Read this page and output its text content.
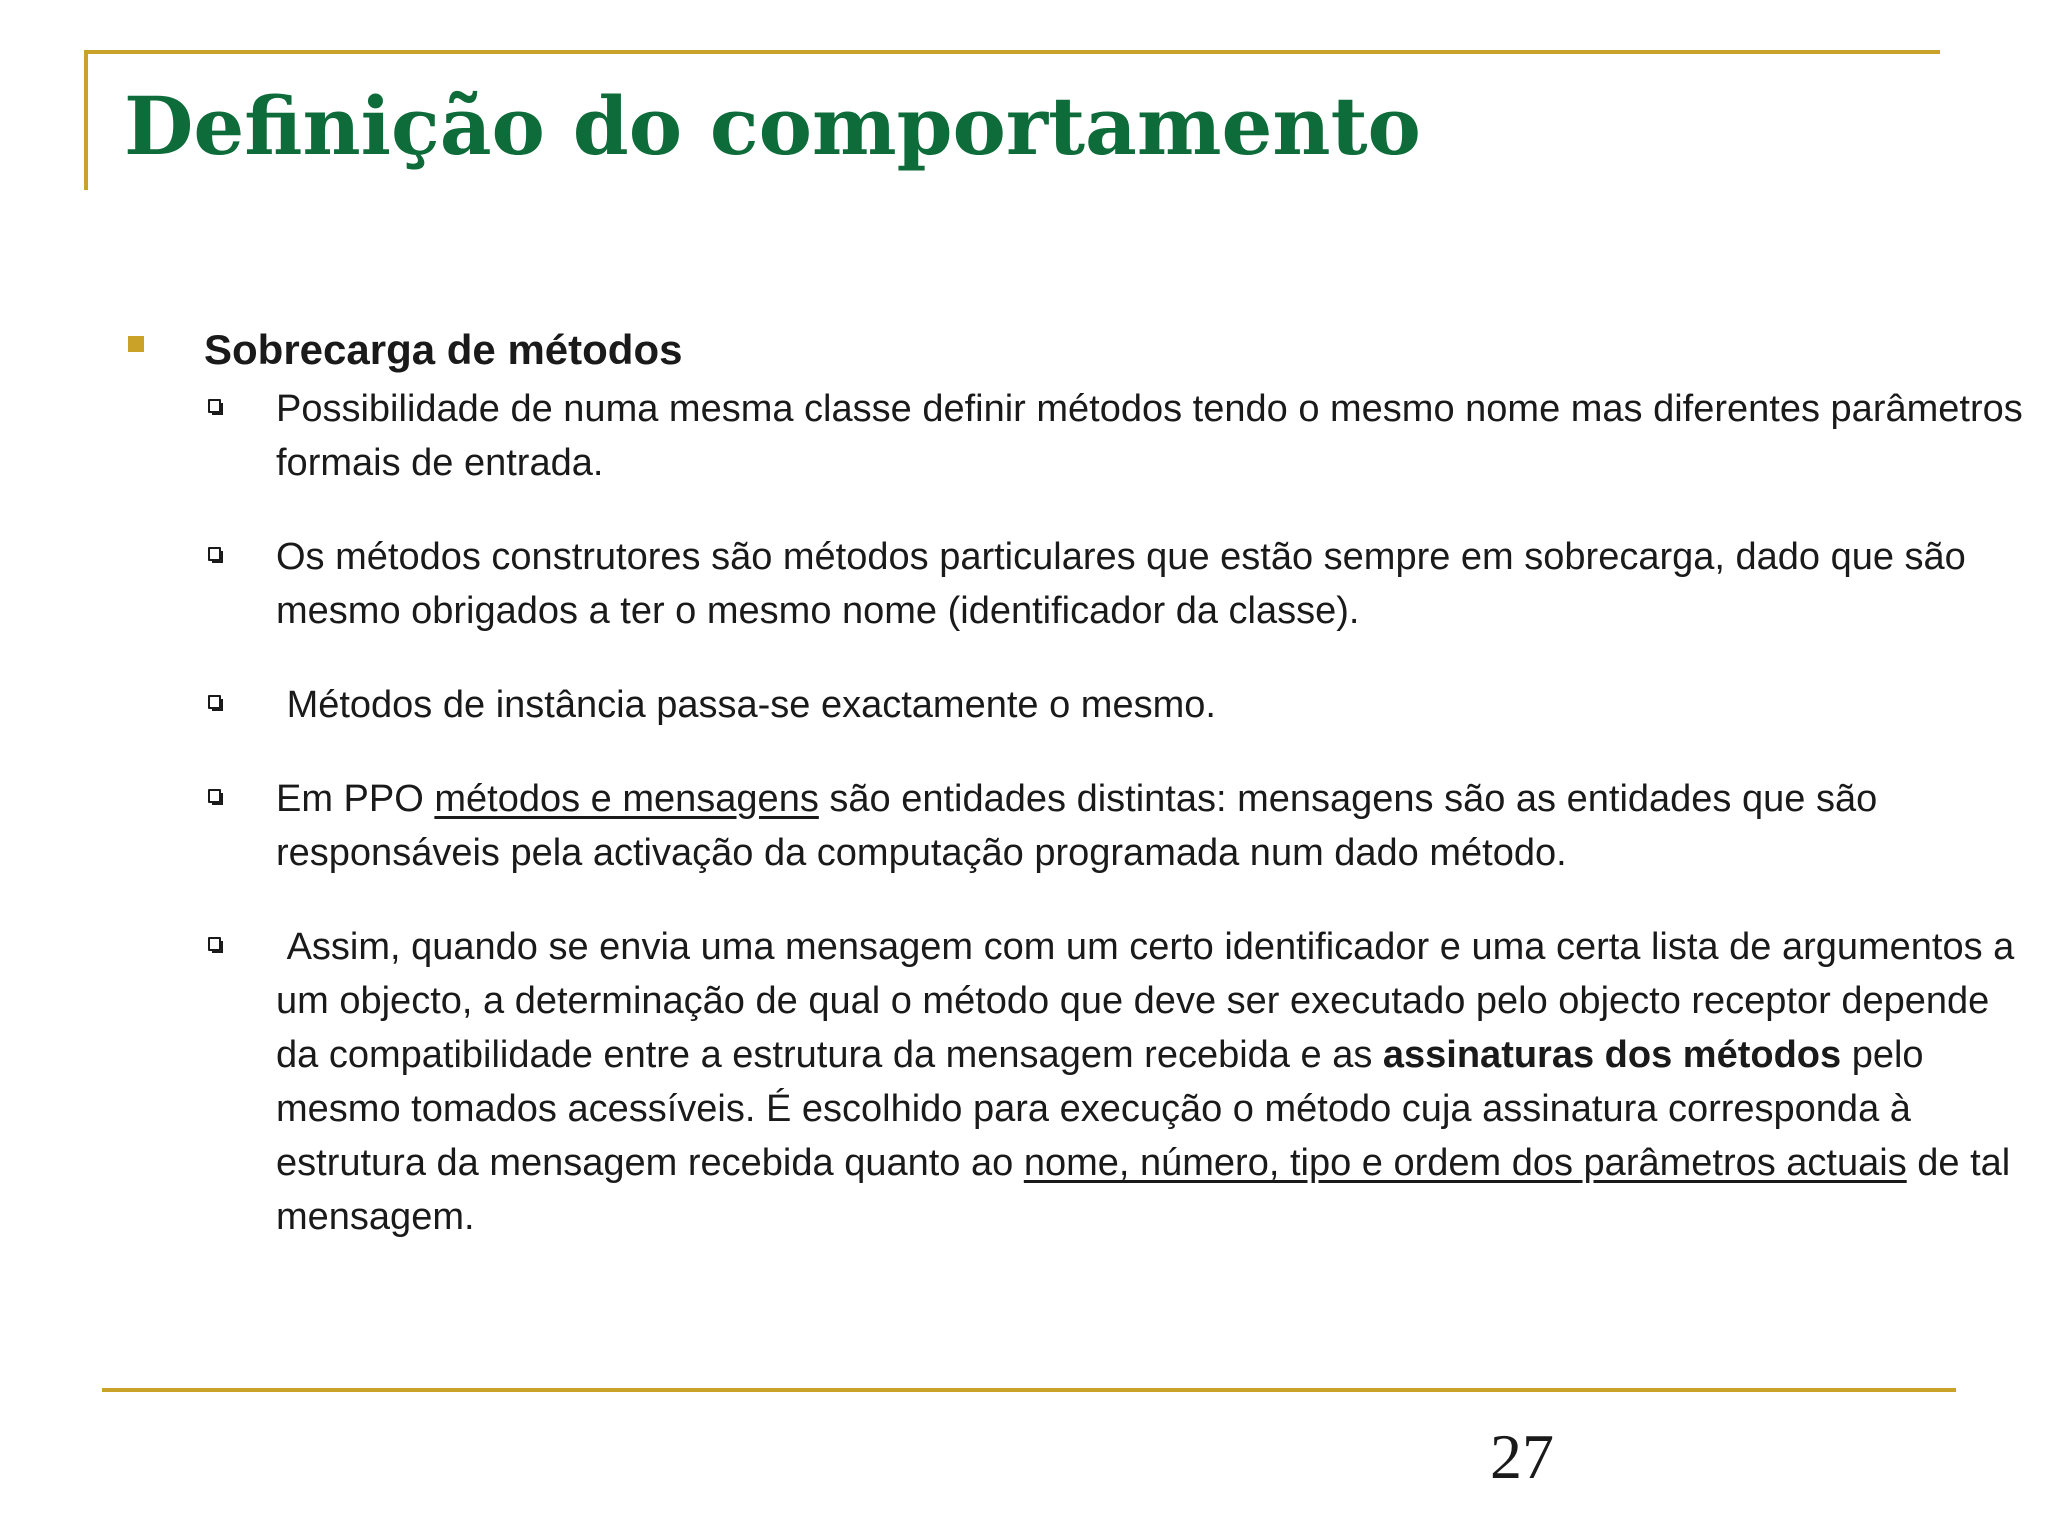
Definição do comportamento
Sobrecarga de métodos
Possibilidade de numa mesma classe definir métodos tendo o mesmo nome mas diferentes parâmetros formais de entrada.
Os métodos construtores são métodos particulares que estão sempre em sobrecarga, dado que são mesmo obrigados a ter o mesmo nome (identificador da classe).
Métodos de instância passa-se exactamente o mesmo.
Em PPO métodos e mensagens são entidades distintas: mensagens são as entidades que são responsáveis pela activação da computação programada num dado método.
Assim, quando se envia uma mensagem com um certo identificador e uma certa lista de argumentos a um objecto, a determinação de qual o método que deve ser executado pelo objecto receptor depende da compatibilidade entre a estrutura da mensagem recebida e as assinaturas dos métodos pelo mesmo tomados acessíveis. É escolhido para execução o método cuja assinatura corresponda à estrutura da mensagem recebida quanto ao nome, número, tipo e ordem dos parâmetros actuais de tal mensagem.
27
